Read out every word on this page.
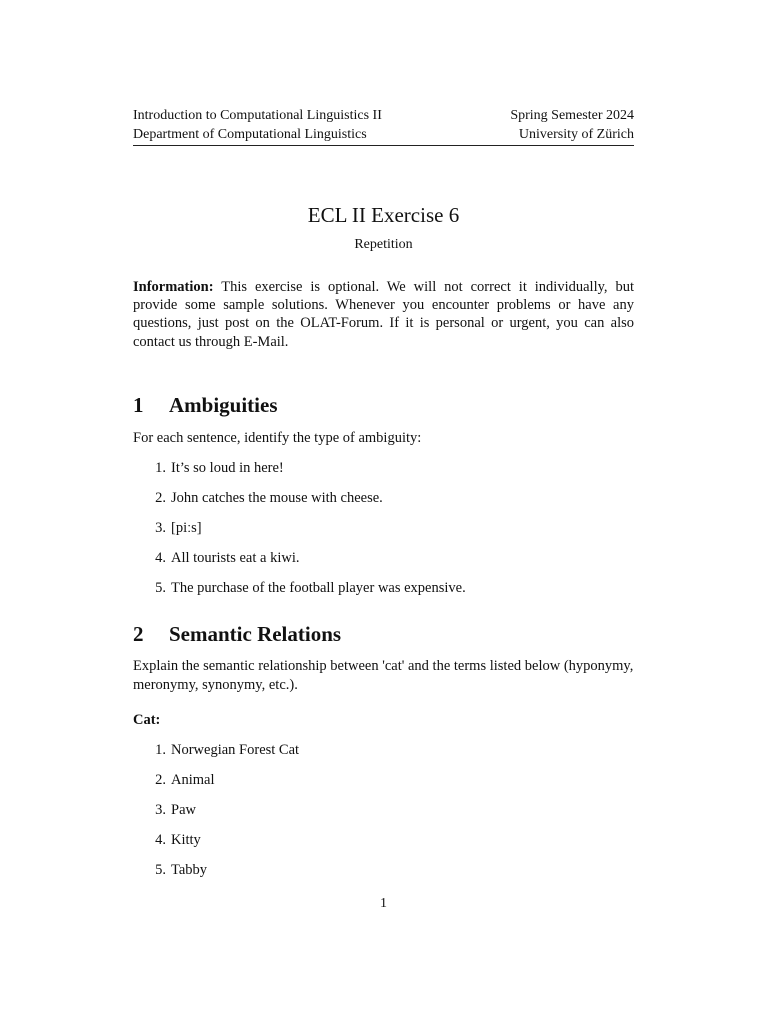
Introduction to Computational Linguistics II	Spring Semester 2024
Department of Computational Linguistics	University of Zürich
ECL II Exercise 6
Repetition
Information: This exercise is optional. We will not correct it individually, but provide some sample solutions. Whenever you encounter problems or have any questions, just post on the OLAT-Forum. If it is personal or urgent, you can also contact us through E-Mail.
1 Ambiguities
For each sentence, identify the type of ambiguity:
1. It’s so loud in here!
2. John catches the mouse with cheese.
3. [piːs]
4. All tourists eat a kiwi.
5. The purchase of the football player was expensive.
2 Semantic Relations
Explain the semantic relationship between 'cat' and the terms listed below (hyponymy, meronymy, synonymy, etc.).
Cat:
1. Norwegian Forest Cat
2. Animal
3. Paw
4. Kitty
5. Tabby
1
